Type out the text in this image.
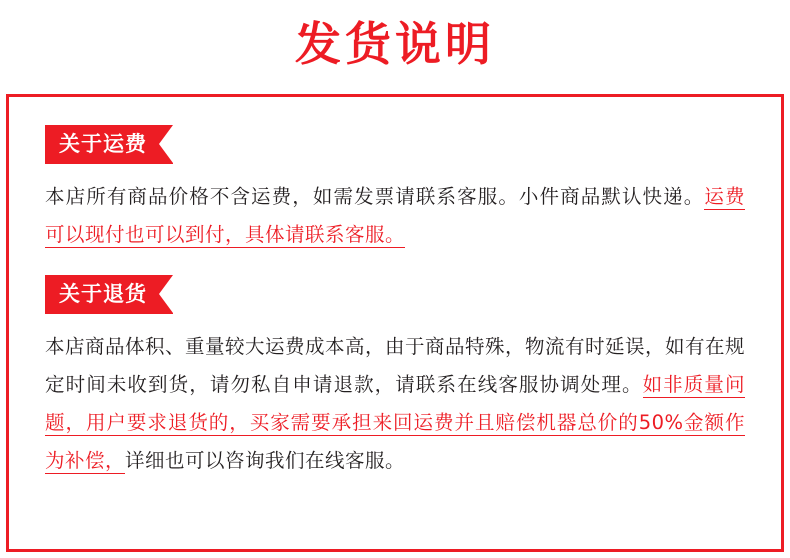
发货说明
关于运费
本店所有商品价格不含运费，如需发票请联系客服。小件商品默认快递。运费可以现付也可以到付，具体请联系客服。
关于退货
本店商品体积、重量较大运费成本高，由于商品特殊，物流有时延误，如有在规定时间未收到货，请勿私自申请退款，请联系在线客服协调处理。如非质量问题，用户要求退货的，买家需要承担来回运费并且赔偿机器总价的50%金额作为补偿，详细也可以咨询我们在线客服。
